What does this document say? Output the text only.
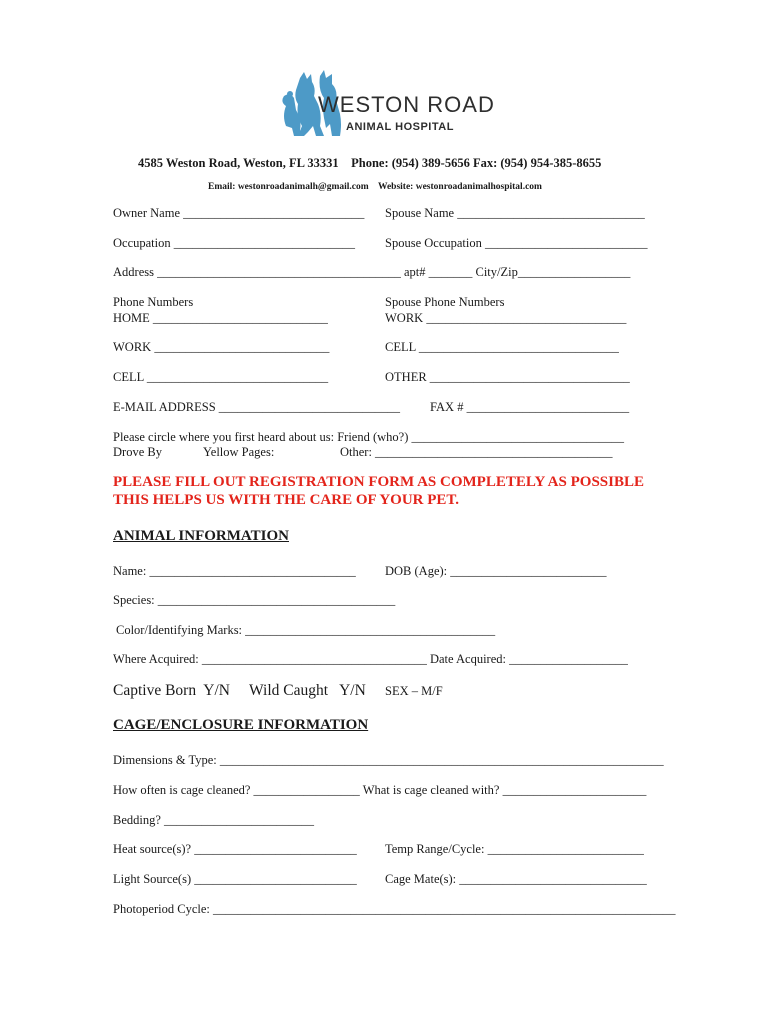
WESTON ROAD

ANIMAL HOSPITAL

4585 Weston Road, Weston, FL 33331    Phone: (954) 389-5656 Fax: (954) 954-385-8655
Email: westonroadanimalh@gmail.com    Website: westonroadanimalhospital.com
Owner Name _____________________________ Spouse Name ______________________________
Occupation _____________________________ Spouse Occupation __________________________
Address _______________________________________ apt# _______ City/Zip__________________
Phone Numbers	Spouse Phone Numbers
HOME ____________________________	WORK ________________________________
WORK ____________________________	CELL ________________________________
CELL _____________________________	OTHER ________________________________
E-MAIL ADDRESS _____________________________ FAX # __________________________
Please circle where you first heard about us: Friend (who?) __________________________________
Drove By	Yellow Pages:	Other: ______________________________________
PLEASE FILL OUT REGISTRATION FORM AS COMPLETELY AS POSSIBLE
THIS HELPS US WITH THE CARE OF YOUR PET.
ANIMAL INFORMATION
Name: _________________________________ DOB (Age): _________________________
Species: ______________________________________
Color/Identifying Marks: ________________________________________
Where Acquired: ____________________________________ Date Acquired: ___________________
Captive Born  Y/N Wild Caught   Y/N SEX – M/F
CAGE/ENCLOSURE INFORMATION
Dimensions & Type: _______________________________________________________________________
How often is cage cleaned? _________________ What is cage cleaned with? _______________________
Bedding? ________________________
Heat source(s)? __________________________ Temp Range/Cycle: _________________________
Light Source(s) __________________________ Cage Mate(s): ______________________________
Photoperiod Cycle: __________________________________________________________________________
